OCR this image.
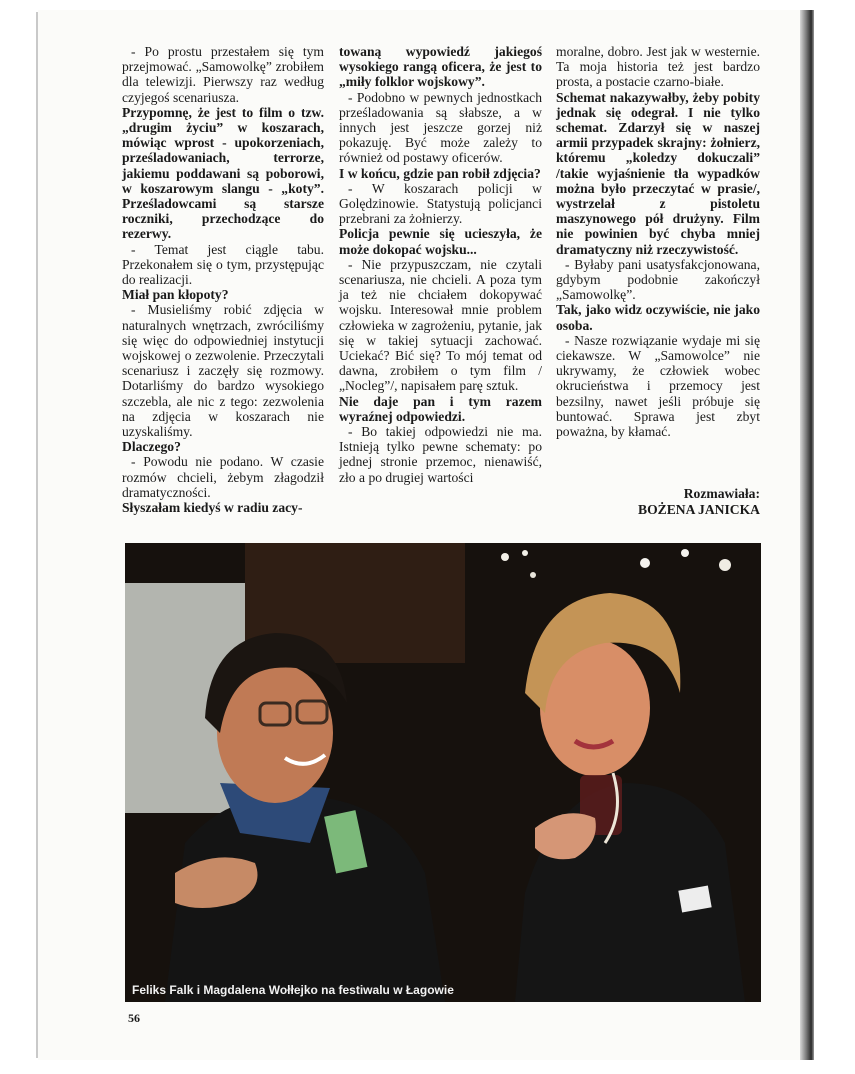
- Po prostu przestałem się tym przejmować. „Samowolkę” zrobiłem dla telewizji. Pierwszy raz według czyjegoś scenariusza.

Przypomnę, że jest to film o tzw. „drugim życiu” w koszarach, mówiąc wprost - upokorzeniach, prześladowaniach, terrorze, jakiemu poddawani są poborowi, w koszarowym slangu - „koty”. Prześladowcami są starsze roczniki, przechodzące do rezerwy.

- Temat jest ciągle tabu. Przekonałem się o tym, przystępując do realizacji.

Miał pan kłopoty?

- Musieliśmy robić zdjęcia w naturalnych wnętrzach, zwróciliśmy się więc do odpowiedniej instytucji wojskowej o zezwolenie. Przeczytali scenariusz i zaczęły się rozmowy. Dotarliśmy do bardzo wysokiego szczebla, ale nic z tego: zezwolenia na zdjęcia w koszarach nie uzyskaliśmy.

Dlaczego?

- Powodu nie podano. W czasie rozmów chcieli, żebym złagodził dramatyczności.

Słyszałam kiedyś w radiu zacy-

towaną wypowiedź jakiegoś wysokiego rangą oficera, że jest to „miły folklor wojskowy”.

- Podobno w pewnych jednostkach prześladowania są słabsze, a w innych jest jeszcze gorzej niż pokazuję. Być może zależy to również od postawy oficerów.

I w końcu, gdzie pan robił zdjęcia?

- W koszarach policji w Golędzinowie. Statystują policjanci przebrani za żołnierzy.

Policja pewnie się ucieszyła, że może dokopać wojsku...

- Nie przypuszczam, nie czytali scenariusza, nie chcieli. A poza tym ja też nie chciałem dokopywać wojsku. Interesował mnie problem człowieka w zagrożeniu, pytanie, jak się w takiej sytuacji zachować. Uciekać? Bić się? To mój temat od dawna, zrobiłem o tym film /„Nocleg”/, napisałem parę sztuk.

Nie daje pan i tym razem wyraźnej odpowiedzi.

- Bo takiej odpowiedzi nie ma. Istnieją tylko pewne schematy: po jednej stronie przemoc, nienawiść, zło a po drugiej wartości

moralne, dobro. Jest jak w westernie. Ta moja historia też jest bardzo prosta, a postacie czarno-białe.

Schemat nakazywałby, żeby pobity jednak się odegrał. I nie tylko schemat. Zdarzył się w naszej armii przypadek skrajny: żołnierz, któremu „koledzy dokuczali” /takie wyjaśnienie tła wypadków można było przeczytać w prasie/, wystrzelał z pistoletu maszynowego pół drużyny. Film nie powinien być chyba mniej dramatyczny niż rzeczywistość.

- Byłaby pani usatysfakcjonowana, gdybym podobnie zakończył „Samowolkę”.

Tak, jako widz oczywiście, nie jako osoba.

- Nasze rozwiązanie wydaje mi się ciekawsze. W „Samowolce” nie ukrywamy, że człowiek wobec okrucieństwa i przemocy jest bezsilny, nawet jeśli próbuje się buntować. Sprawa jest zbyt poważna, by kłamać.

Rozmawiała:
BOŻENA JANICKA
Feliks Falk i Magdalena Wołłejko na festiwalu w Łagowie
56
